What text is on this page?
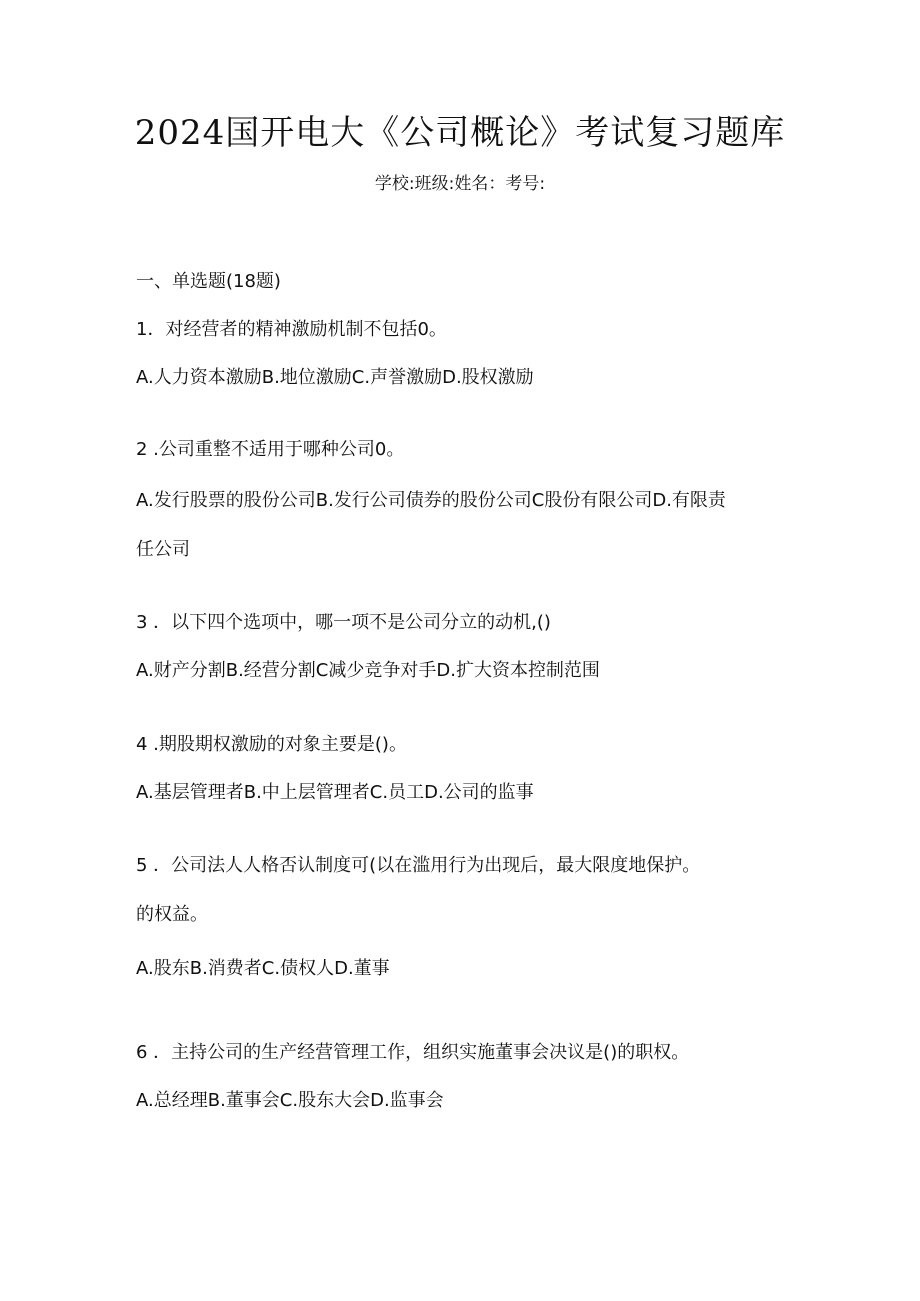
2024国开电大《公司概论》考试复习题库
学校:班级:姓名：考号:
一、单选题(18题)
1．对经营者的精神激励机制不包括0。
A.人力资本激励B.地位激励C.声誉激励D.股权激励
2 .公司重整不适用于哪种公司0。
A.发行股票的股份公司B.发行公司债券的股份公司C股份有限公司D.有限责
任公司
3 ．以下四个选项中，哪一项不是公司分立的动机,()
A.财产分割B.经营分割C减少竞争对手D.扩大资本控制范围
4 .期股期权激励的对象主要是()。
A.基层管理者B.中上层管理者C.员工D.公司的监事
5 ．公司法人人格否认制度可(以在滥用行为出现后，最大限度地保护。
的权益。
A.股东B.消费者C.债权人D.董事
6 ．主持公司的生产经营管理工作，组织实施董事会决议是()的职权。
A.总经理B.董事会C.股东大会D.监事会
